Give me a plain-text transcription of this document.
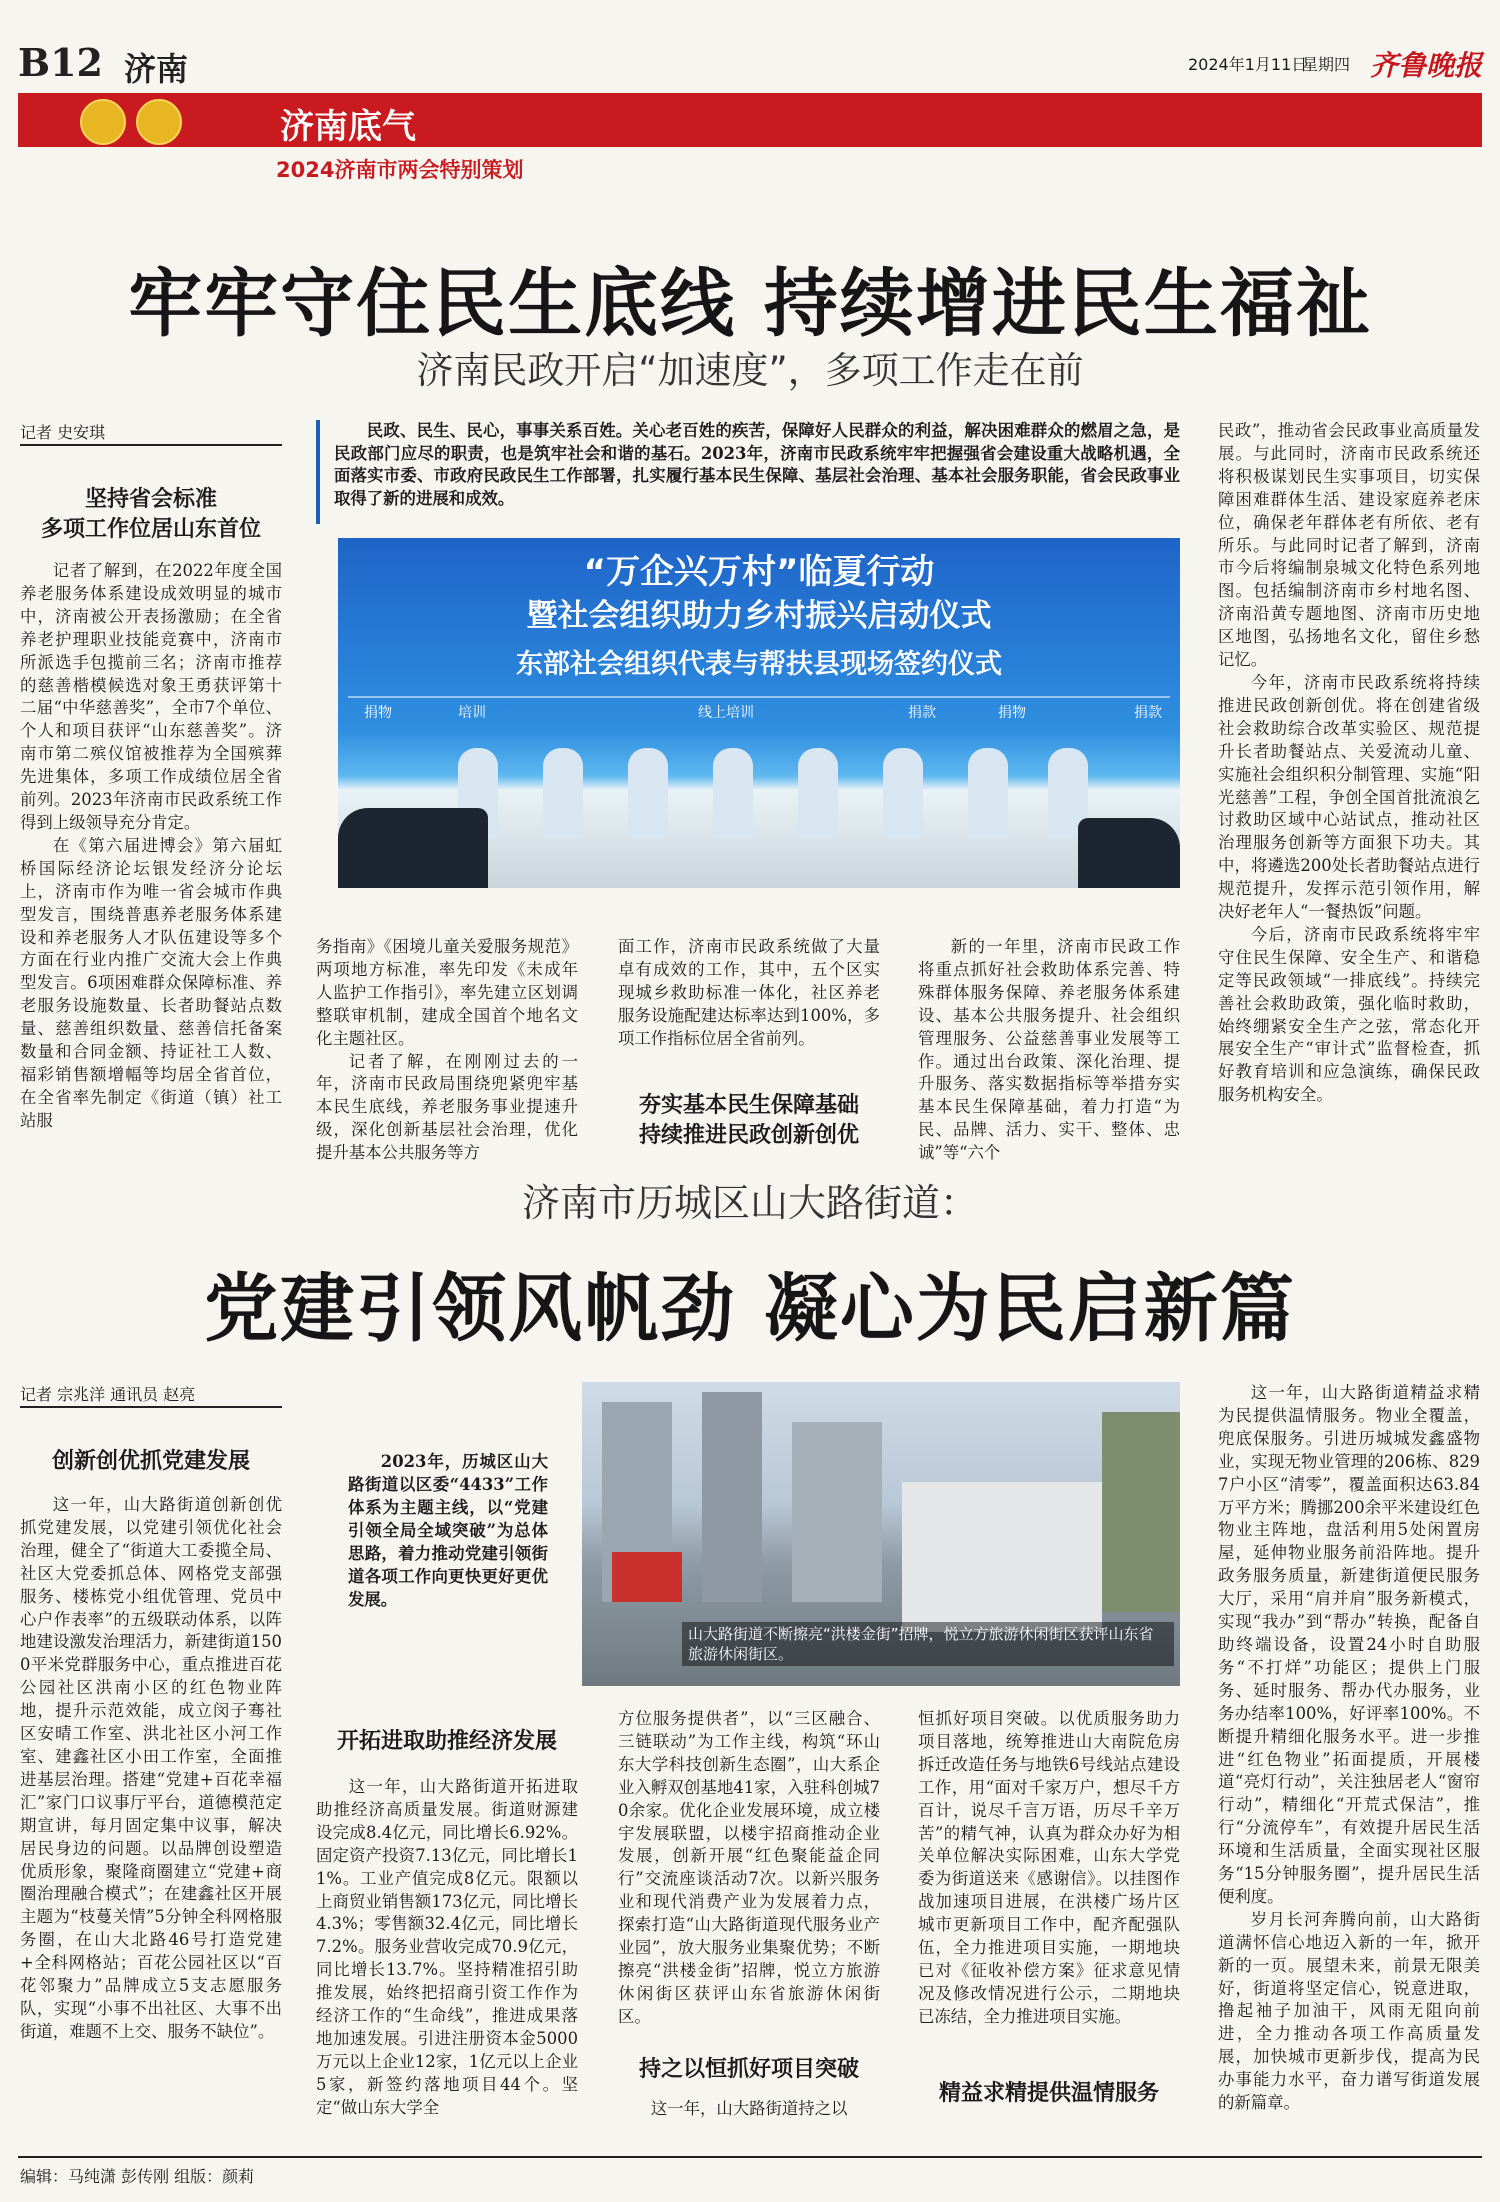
B12 济南	2024年1月11日
星期四 齐鲁晚报
济南底气
2024济南市两会特别策划
牢牢守住民生底线 持续增进民生福祉
济南民政开启“加速度”，多项工作走在前
记者 史安琪
坚持省会标准
多项工作位居山东首位

记者了解到，在2022年度全国养老服务体系建设成效明显的城市中，济南被公开表扬激励；在全省养老护理职业技能竞赛中，济南市所派选手包揽前三名；济南市推荐的慈善楷模候选对象王勇获评第十二届“中华慈善奖”，全市7个单位、个人和项目获评“山东慈善奖”。济南市第二殡仪馆被推荐为全国殡葬先进集体，多项工作成绩位居全省前列。2023年济南市民政系统工作得到上级领导充分肯定。

在《第六届进博会》第六届虹桥国际经济论坛银发经济分论坛上，济南市作为唯一省会城市作典型发言，围绕普惠养老服务体系建设和养老服务人才队伍建设等多个方面在行业内推广交流大会上作典型发言。6项困难群众保障标准、养老服务设施数量、长者助餐站点数量、慈善组织数量、慈善信托备案数量和合同金额、持证社工人数、福彩销售额增幅等均居全省首位，在全省率先制定《街道（镇）社工站服

民政、民生、民心，事事关系百姓。关心老百姓的疾苦，保障好人民群众的利益，解决困难群众的燃眉之急，是民政部门应尽的职责，也是筑牢社会和谐的基石。2023年，济南市民政系统牢牢把握强省会建设重大战略机遇，全面落实市委、市政府民政民生工作部署，扎实履行基本民生保障、基层社会治理、基本社会服务职能，省会民政事业取得了新的进展和成效。

“万企兴万村”临夏行动
暨社会组织助力乡村振兴启动仪式
东部社会组织代表与帮扶县现场签约仪式
捐物	培训	线上培训	捐款	捐物	捐款

务指南》《困境儿童关爱服务规范》两项地方标准，率先印发《未成年人监护工作指引》，率先建立区划调整联审机制，建成全国首个地名文化主题社区。

记者了解，在刚刚过去的一年，济南市民政局围绕兜紧兜牢基本民生底线，养老服务事业提速升级，深化创新基层社会治理，优化提升基本公共服务等方

面工作，济南市民政系统做了大量卓有成效的工作，其中，五个区实现城乡救助标准一体化，社区养老服务设施配建达标率达到100%，多项工作指标位居全省前列。

夯实基本民生保障基础
持续推进民政创新创优

新的一年里，济南市民政工作将重点抓好社会救助体系完善、特殊群体服务保障、养老服务体系建设、基本公共服务提升、社会组织管理服务、公益慈善事业发展等工作。通过出台政策、深化治理、提升服务、落实数据指标等举措夯实基本民生保障基础，着力打造“为民、品牌、活力、实干、整体、忠诚”等“六个

民政”，推动省会民政事业高质量发展。与此同时，济南市民政系统还将积极谋划民生实事项目，切实保障困难群体生活、建设家庭养老床位，确保老年群体老有所依、老有所乐。与此同时记者了解到，济南市今后将编制泉城文化特色系列地图。包括编制济南市乡村地名图、济南沿黄专题地图、济南市历史地区地图，弘扬地名文化，留住乡愁记忆。

今年，济南市民政系统将持续推进民政创新创优。将在创建省级社会救助综合改革实验区、规范提升长者助餐站点、关爱流动儿童、实施社会组织积分制管理、实施“阳光慈善”工程，争创全国首批流浪乞讨救助区域中心站试点，推动社区治理服务创新等方面狠下功夫。其中，将遴选200处长者助餐站点进行规范提升，发挥示范引领作用，解决好老年人“一餐热饭”问题。

今后，济南市民政系统将牢牢守住民生保障、安全生产、和谐稳定等民政领域“一排底线”。持续完善社会救助政策，强化临时救助，始终绷紧安全生产之弦，常态化开展安全生产“审计式”监督检查，抓好教育培训和应急演练，确保民政服务机构安全。

济南市历城区山大路街道：
党建引领风帆劲 凝心为民启新篇
记者 宗兆洋 通讯员 赵亮
创新创优抓党建发展

这一年，山大路街道创新创优抓党建发展，以党建引领优化社会治理，健全了“街道大工委揽全局、社区大党委抓总体、网格党支部强服务、楼栋党小组优管理、党员中心户作表率”的五级联动体系，以阵地建设激发治理活力，新建街道1500平米党群服务中心，重点推进百花公园社区洪南小区的红色物业阵地，提升示范效能，成立闵子骞社区安晴工作室、洪北社区小河工作室、建鑫社区小田工作室，全面推进基层治理。搭建“党建+百花幸福汇”家门口议事厅平台，道德模范定期宣讲，每月固定集中议事，解决居民身边的问题。以品牌创设塑造优质形象，聚隆商圈建立“党建+商圈治理融合模式”；在建鑫社区开展主题为“枝蔓关情”5分钟全科网格服务圈，在山大北路46号打造党建+全科网格站；百花公园社区以“百花邻聚力”品牌成立5支志愿服务队，实现“小事不出社区、大事不出街道，难题不上交、服务不缺位”。

2023年，历城区山大路街道以区委“4433”工作体系为主题主线，以“党建引领全局全域突破”为总体思路，着力推动党建引领街道各项工作向更快更好更优发展。

山大路街道不断擦亮“洪楼金街”招牌，悦立方旅游休闲街区获评山东省旅游休闲街区。
开拓进取助推经济发展

这一年，山大路街道开拓进取助推经济高质量发展。街道财源建设完成8.4亿元，同比增长6.92%。固定资产投资7.13亿元，同比增长11%。工业产值完成8亿元。限额以上商贸业销售额173亿元，同比增长4.3%；零售额32.4亿元，同比增长7.2%。服务业营收完成70.9亿元，同比增长13.7%。坚持精准招引助推发展，始终把招商引资工作作为经济工作的“生命线”，推进成果落地加速发展。引进注册资本金5000万元以上企业12家，1亿元以上企业5家，新签约落地项目44个。坚定“做山东大学全

方位服务提供者”，以“三区融合、三链联动”为工作主线，构筑“环山东大学科技创新生态圈”，山大系企业入孵双创基地41家，入驻科创城70余家。优化企业发展环境，成立楼宇发展联盟，以楼宇招商推动企业发展，创新开展“红色聚能益企同行”交流座谈活动7次。以新兴服务业和现代消费产业为发展着力点，探索打造“山大路街道现代服务业产业园”，放大服务业集聚优势；不断擦亮“洪楼金街”招牌，悦立方旅游休闲街区获评山东省旅游休闲街区。

持之以恒抓好项目突破

这一年，山大路街道持之以

恒抓好项目突破。以优质服务助力项目落地，统筹推进山大南院危房拆迁改造任务与地铁6号线站点建设工作，用“面对千家万户，想尽千方百计，说尽千言万语，历尽千辛万苦”的精气神，认真为群众办好为相关单位解决实际困难，山东大学党委为街道送来《感谢信》。以挂图作战加速项目进展，在洪楼广场片区城市更新项目工作中，配齐配强队伍，全力推进项目实施，一期地块已对《征收补偿方案》征求意见情况及修改情况进行公示，二期地块已冻结，全力推进项目实施。

精益求精提供温情服务

这一年，山大路街道精益求精为民提供温情服务。物业全覆盖，兜底保服务。引进历城城发鑫盛物业，实现无物业管理的206栋、8297户小区“清零”，覆盖面积达63.84万平方米；腾挪200余平米建设红色物业主阵地，盘活利用5处闲置房屋，延伸物业服务前沿阵地。提升政务服务质量，新建街道便民服务大厅，采用“肩并肩”服务新模式，实现“我办”到“帮办”转换，配备自助终端设备，设置24小时自助服务“不打烊”功能区；提供上门服务、延时服务、帮办代办服务，业务办结率100%，好评率100%。不断提升精细化服务水平。进一步推进“红色物业”拓面提质，开展楼道“亮灯行动”，关注独居老人“窗帘行动”，精细化“开荒式保洁”，推行“分流停车”，有效提升居民生活环境和生活质量，全面实现社区服务“15分钟服务圈”，提升居民生活便利度。

岁月长河奔腾向前，山大路街道满怀信心地迈入新的一年，掀开新的一页。展望未来，前景无限美好，街道将坚定信心，锐意进取，撸起袖子加油干，风雨无阻向前进，全力推动各项工作高质量发展，加快城市更新步伐，提高为民办事能力水平，奋力谱写街道发展的新篇章。

编辑：马纯潇 彭传刚 组版：颜莉
